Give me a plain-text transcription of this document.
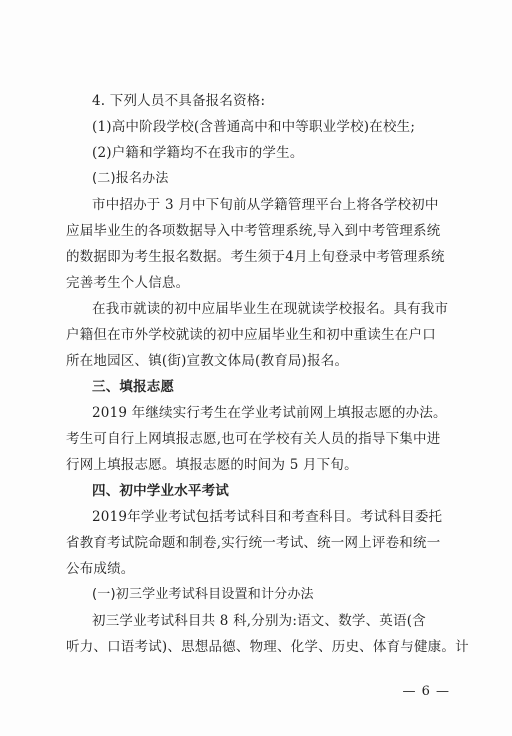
4. 下列人员不具备报名资格:

(1)高中阶段学校(含普通高中和中等职业学校)在校生;

(2)户籍和学籍均不在我市的学生。

(二)报名办法

市中招办于 3 月中下旬前从学籍管理平台上将各学校初中

应届毕业生的各项数据导入中考管理系统,导入到中考管理系统

的数据即为考生报名数据。考生须于4月上旬登录中考管理系统

完善考生个人信息。

在我市就读的初中应届毕业生在现就读学校报名。具有我市

户籍但在市外学校就读的初中应届毕业生和初中重读生在户口

所在地园区、镇(街)宣教文体局(教育局)报名。

三、填报志愿

2019 年继续实行考生在学业考试前网上填报志愿的办法。

考生可自行上网填报志愿,也可在学校有关人员的指导下集中进

行网上填报志愿。填报志愿的时间为 5 月下旬。

四、初中学业水平考试

2019年学业考试包括考试科目和考查科目。考试科目委托

省教育考试院命题和制卷,实行统一考试、统一网上评卷和统一

公布成绩。

(一)初三学业考试科目设置和计分办法

初三学业考试科目共 8 科,分别为:语文、数学、英语(含

听力、口语考试)、思想品德、物理、化学、历史、体育与健康。计

— 6 —
